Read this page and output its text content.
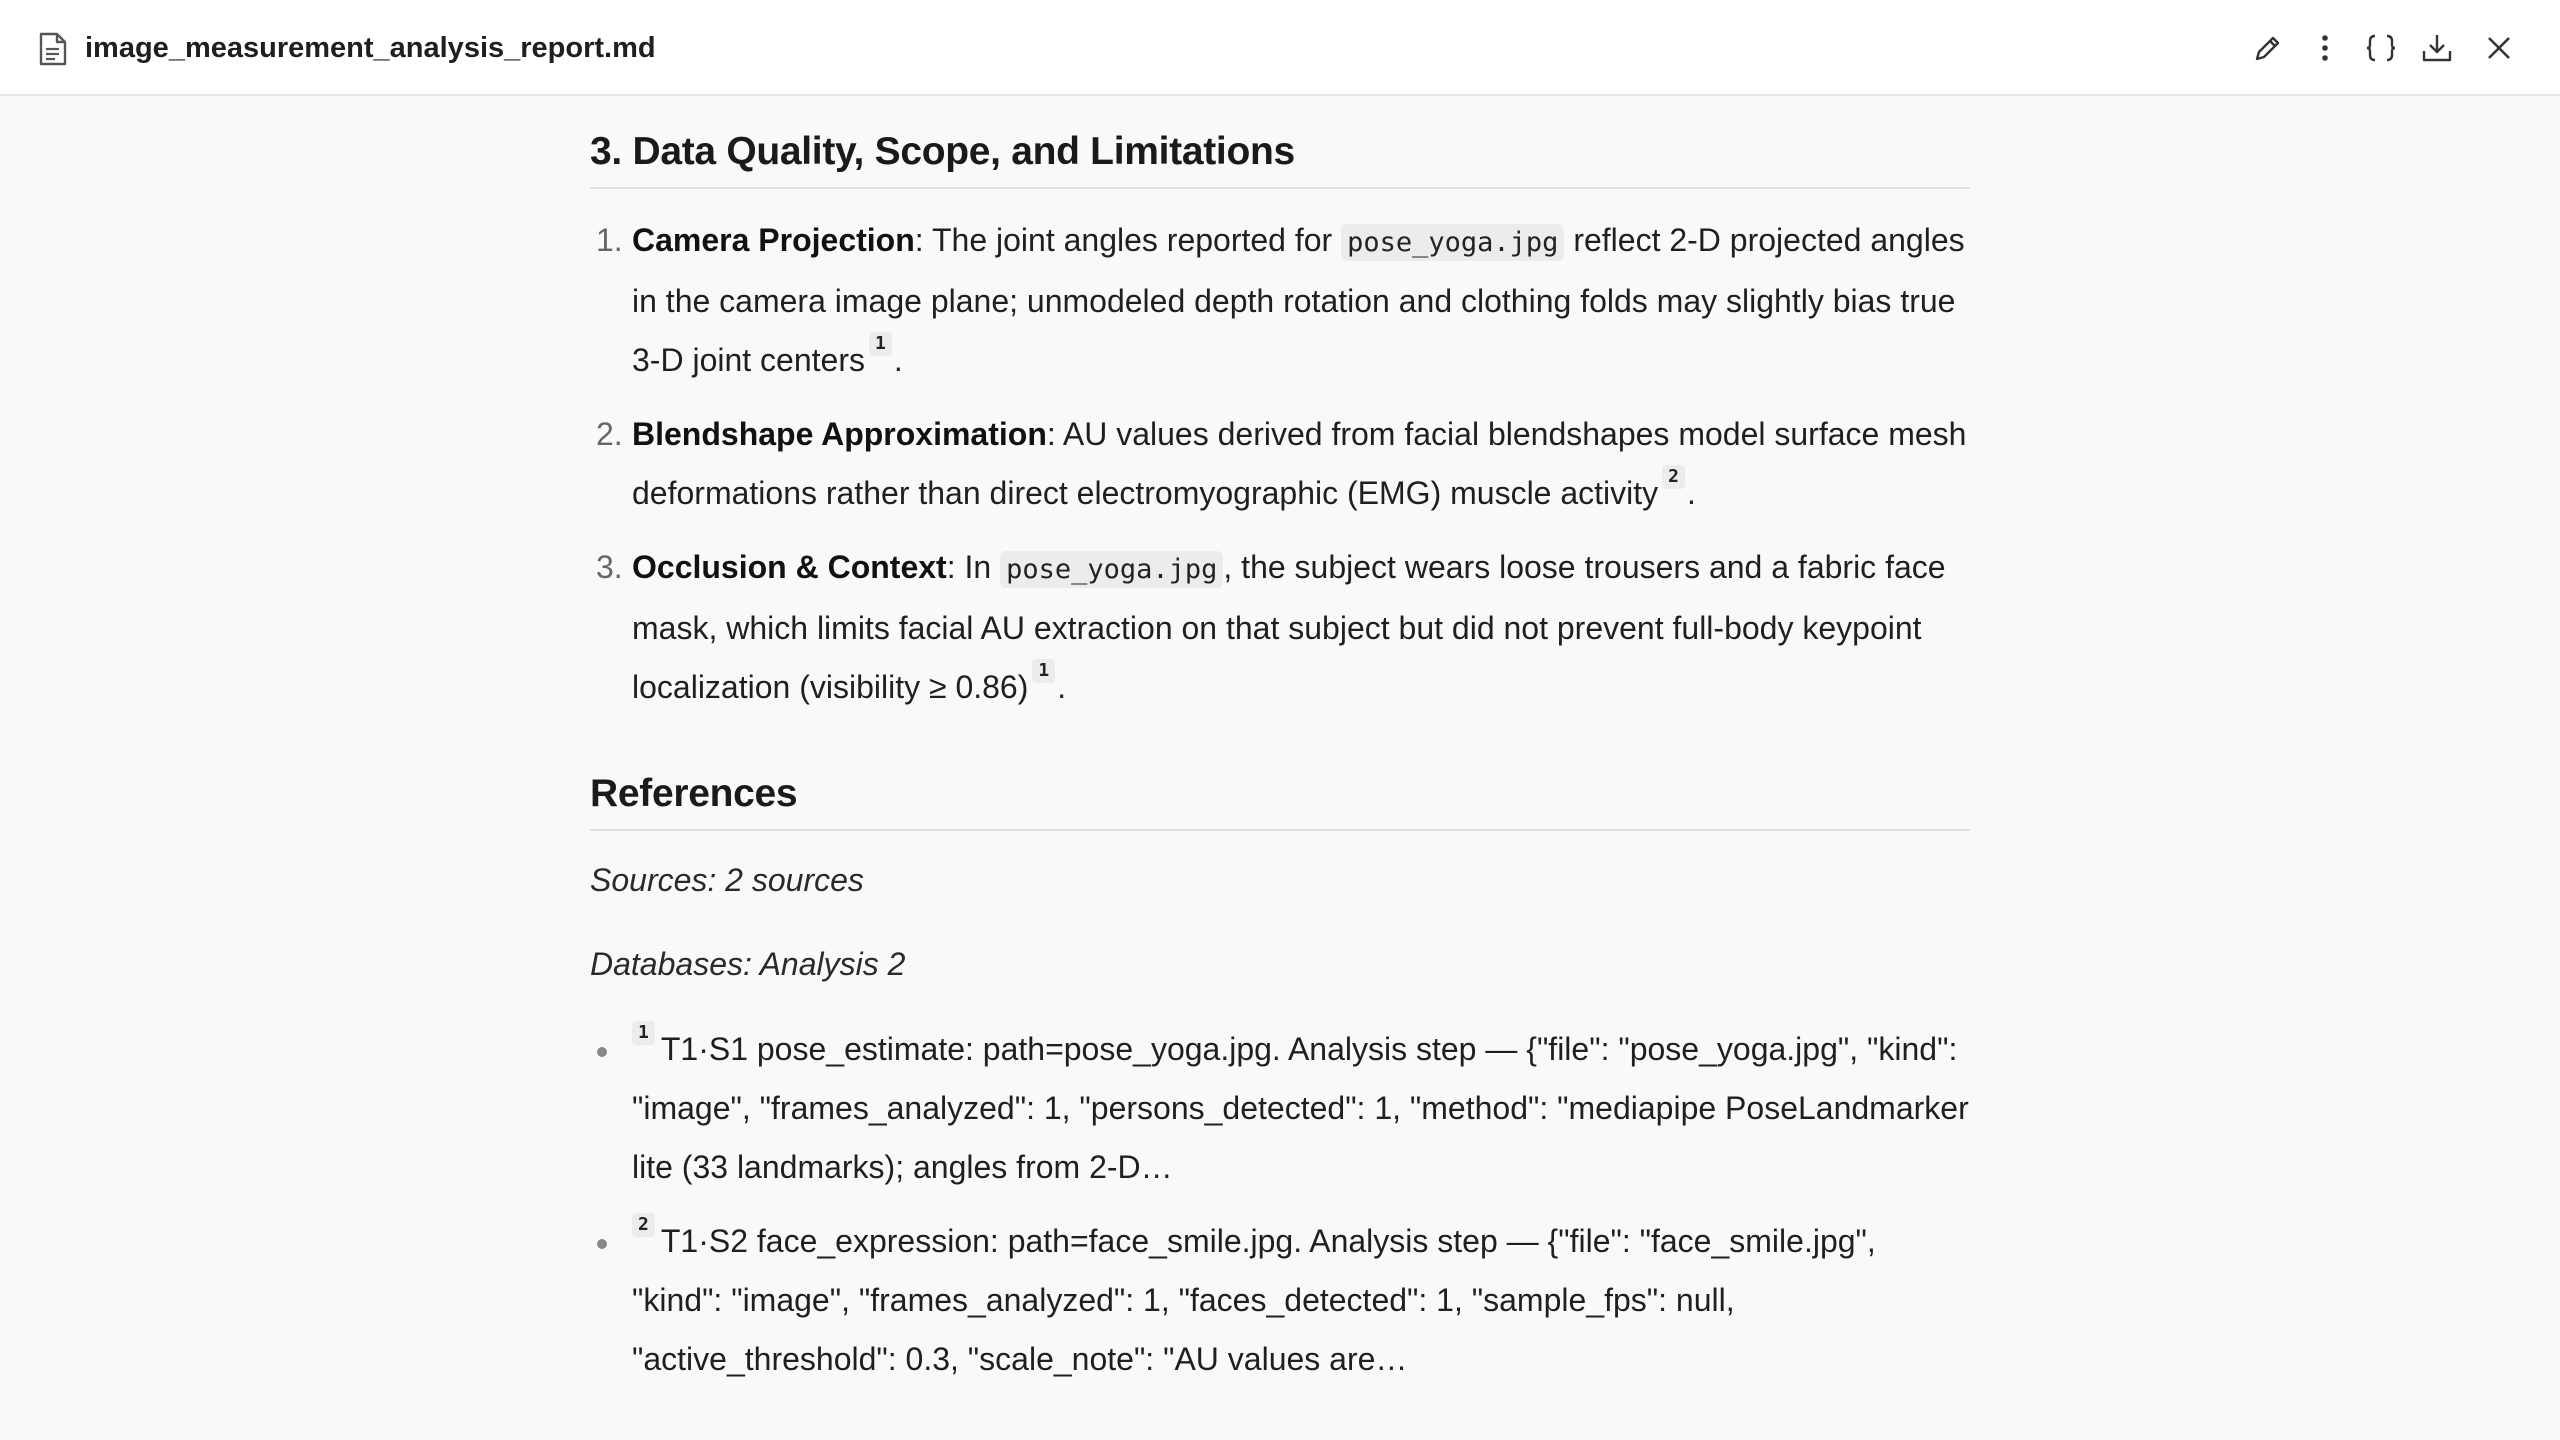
image_measurement_analysis_report.md
3. Data Quality, Scope, and Limitations
1. Camera Projection: The joint angles reported for pose_yoga.jpg reflect 2-D projected angles in the camera image plane; unmodeled depth rotation and clothing folds may slightly bias true 3-D joint centers $^1$ .
2. Blendshape Approximation: AU values derived from facial blendshapes model surface mesh deformations rather than direct electromyographic (EMG) muscle activity $^2$ .
3. Occlusion & Context: In pose_yoga.jpg , the subject wears loose trousers and a fabric face mask, which limits facial AU extraction on that subject but did not prevent full-body keypoint localization (visibility ≥ 0.86) $^1$ .
References

Sources: 2 sources

Databases: Analysis 2

$^1$ T1·S1 pose_estimate: path=pose_yoga.jpg. Analysis step — {"file": "pose_yoga.jpg", "kind": "image", "frames_analyzed": 1, "persons_detected": 1, "method": "mediapipe PoseLandmarker lite (33 landmarks); angles from 2-D…
$^2$ T1·S2 face_expression: path=face_smile.jpg. Analysis step — {"file": "face_smile.jpg", "kind": "image", "frames_analyzed": 1, "faces_detected": 1, "sample_fps": null, "active_threshold": 0.3, "scale_note": "AU values are…
